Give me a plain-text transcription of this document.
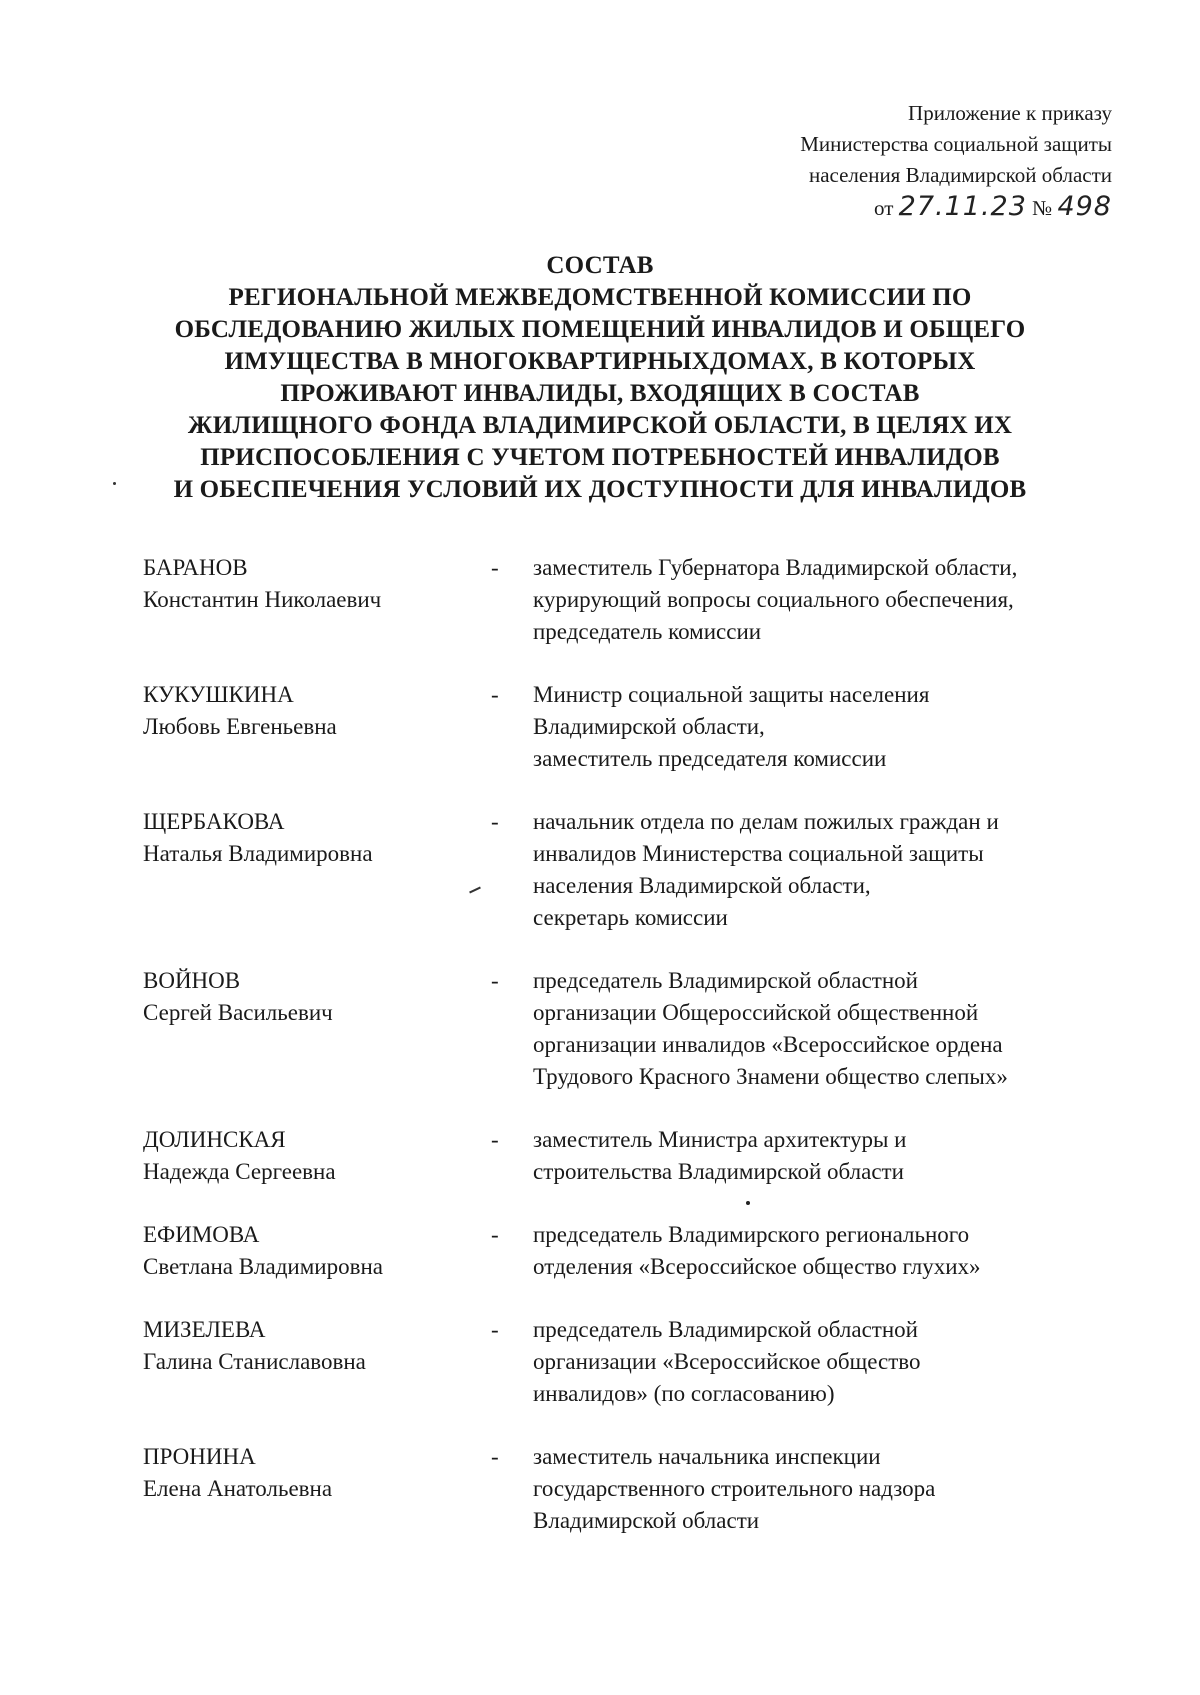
Приложение к приказу
Министерства социальной защиты
населения Владимирской области
от 27.11.23 № 498
СОСТАВ
РЕГИОНАЛЬНОЙ МЕЖВЕДОМСТВЕННОЙ КОМИССИИ ПО
ОБСЛЕДОВАНИЮ ЖИЛЫХ ПОМЕЩЕНИЙ ИНВАЛИДОВ И ОБЩЕГО
ИМУЩЕСТВА В МНОГОКВАРТИРНЫХДОМАХ, В КОТОРЫХ
ПРОЖИВАЮТ ИНВАЛИДЫ, ВХОДЯЩИХ В СОСТАВ
ЖИЛИЩНОГО ФОНДА ВЛАДИМИРСКОЙ ОБЛАСТИ, В ЦЕЛЯХ ИХ
ПРИСПОСОБЛЕНИЯ С УЧЕТОМ ПОТРЕБНОСТЕЙ ИНВАЛИДОВ
И ОБЕСПЕЧЕНИЯ УСЛОВИЙ ИХ ДОСТУПНОСТИ ДЛЯ ИНВАЛИДОВ
БАРАНОВ
Константин Николаевич
-	заместитель Губернатора Владимирской области,
курирующий вопросы социального обеспечения,
председатель комиссии
КУКУШКИНА
Любовь Евгеньевна
-	Министр социальной защиты населения
Владимирской области,
заместитель председателя комиссии
ЩЕРБАКОВА
Наталья Владимировна
-	начальник отдела по делам пожилых граждан и
инвалидов Министерства социальной защиты
населения Владимирской области,
секретарь комиссии
ВОЙНОВ
Сергей Васильевич
-	председатель Владимирской областной
организации Общероссийской общественной
организации инвалидов «Всероссийское ордена
Трудового Красного Знамени общество слепых»
ДОЛИНСКАЯ
Надежда Сергеевна
-	заместитель Министра архитектуры и
строительства Владимирской области
ЕФИМОВА
Светлана Владимировна
-	председатель Владимирского регионального
отделения «Всероссийское общество глухих»
МИЗЕЛЕВА
Галина Станиславовна
-	председатель Владимирской областной
организации «Всероссийское общество
инвалидов» (по согласованию)
ПРОНИНА
Елена Анатольевна
-	заместитель начальника инспекции
государственного строительного надзора
Владимирской области
